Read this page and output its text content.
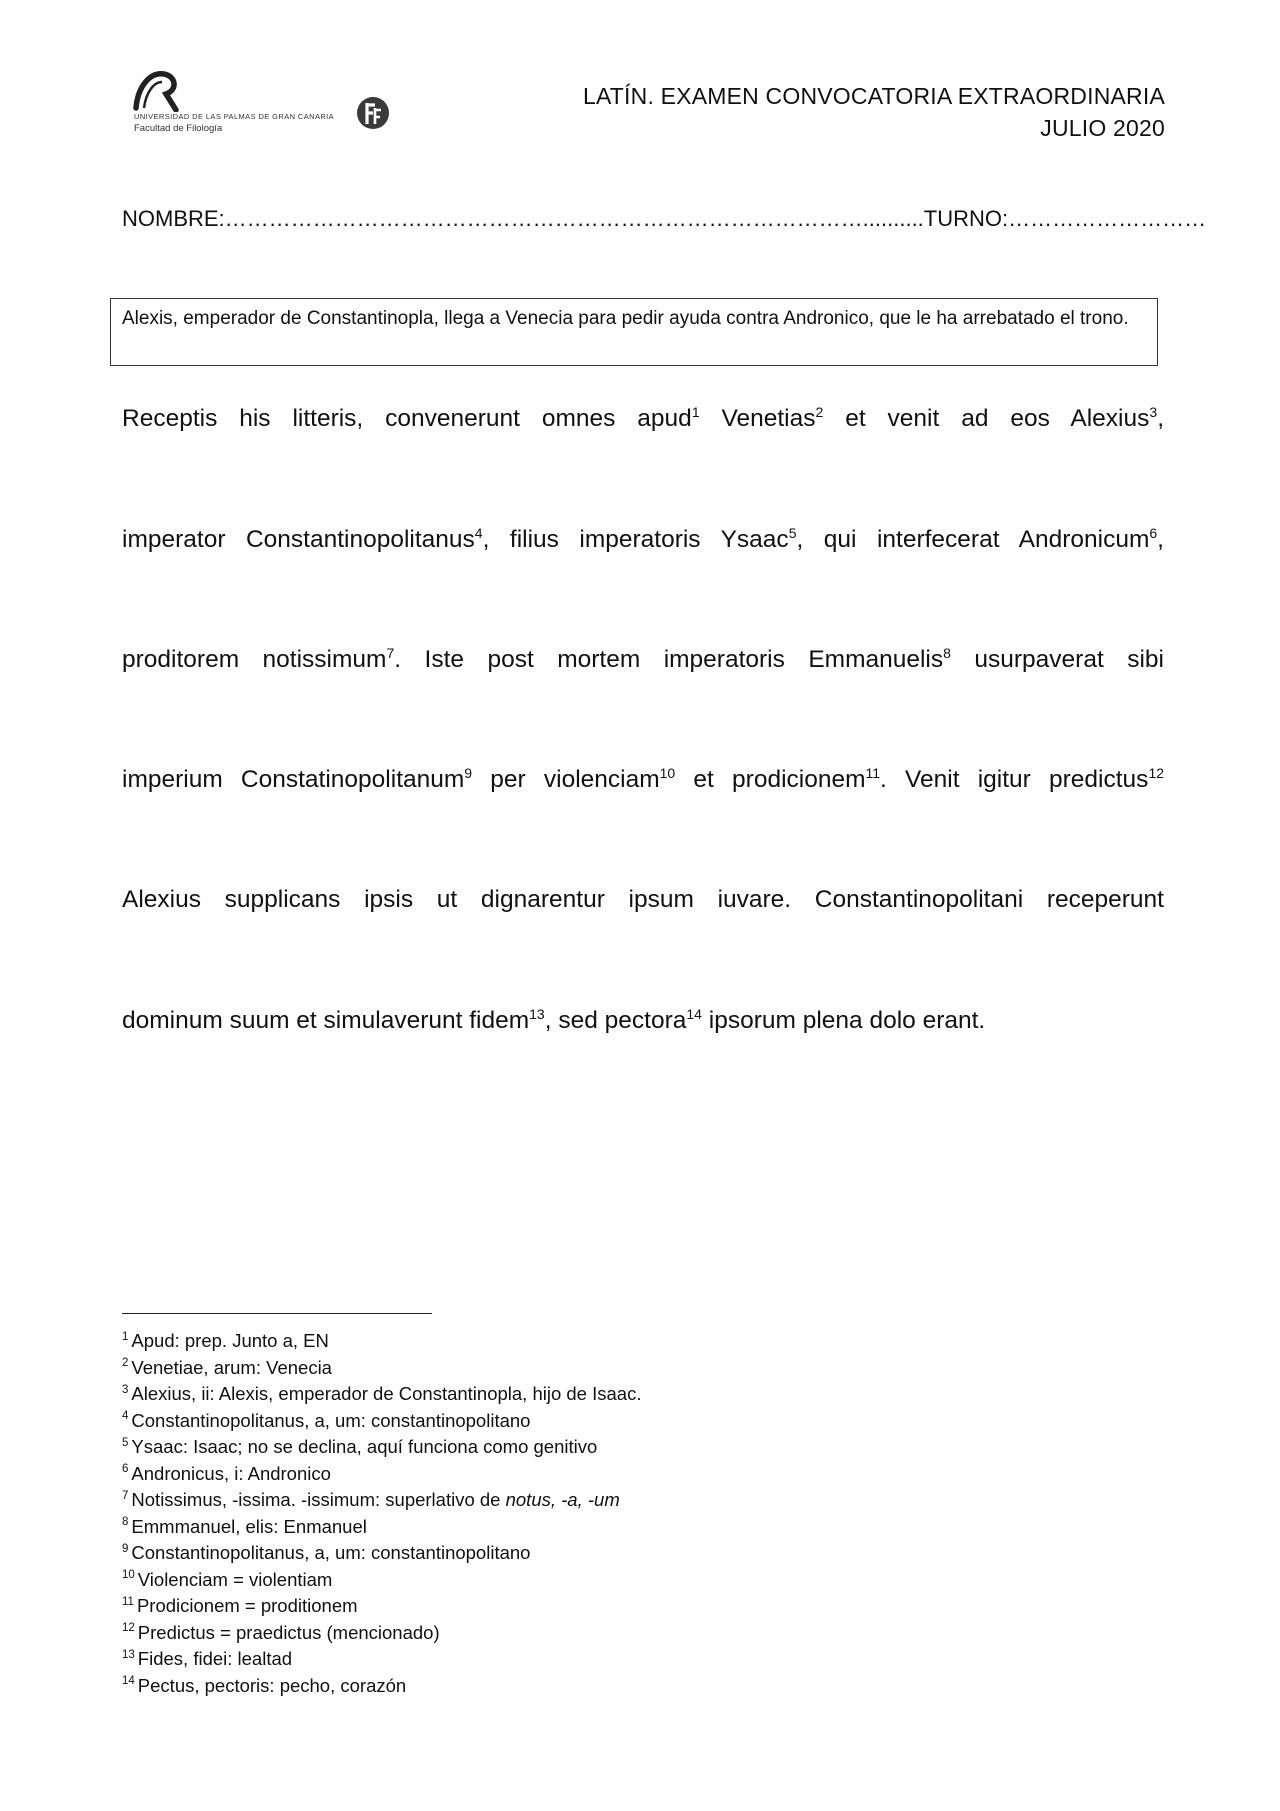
UNIVERSIDAD DE LAS PALMAS DE GRAN CANARIA
Facultad de Filología
LATÍN. EXAMEN CONVOCATORIA EXTRAORDINARIA
JULIO 2020
NOMBRE:……………………………………………………………………………..........TURNO:………………………
Alexis, emperador de Constantinopla, llega a Venecia para pedir ayuda contra Andronico, que le ha arrebatado el trono.
Receptis his litteris, convenerunt omnes apud$^1$ Venetias$^2$ et venit ad eos Alexius$^3$,
imperator Constantinopolitanus$^4$, filius imperatoris Ysaac$^5$, qui interfecerat Andronicum$^6$,
proditorem notissimum$^7$. Iste post mortem imperatoris Emmanuelis$^8$ usurpaverat sibi
imperium Constatinopolitanum$^9$ per violenciam$^{10}$ et prodicionem$^{11}$. Venit igitur predictus$^{12}$
Alexius supplicans ipsis ut dignarentur ipsum iuvare. Constantinopolitani receperunt
dominum suum et simulaverunt fidem$^{13}$, sed pectora$^{14}$ ipsorum plena dolo erant.
$^1$ Apud: prep. Junto a, EN
$^2$ Venetiae, arum: Venecia
$^3$ Alexius, ii: Alexis, emperador de Constantinopla, hijo de Isaac.
$^4$ Constantinopolitanus, a, um: constantinopolitano
$^5$ Ysaac: Isaac; no se declina, aquí funciona como genitivo
$^6$ Andronicus, i: Andronico
$^7$ Notissimus, -issima. -issimum: superlativo de notus, -a, -um
$^8$ Emmmanuel, elis: Enmanuel
$^9$ Constantinopolitanus, a, um: constantinopolitano
$^{10}$ Violenciam = violentiam
$^{11}$ Prodicionem = proditionem
$^{12}$ Predictus = praedictus (mencionado)
$^{13}$ Fides, fidei: lealtad
$^{14}$ Pectus, pectoris: pecho, corazón
